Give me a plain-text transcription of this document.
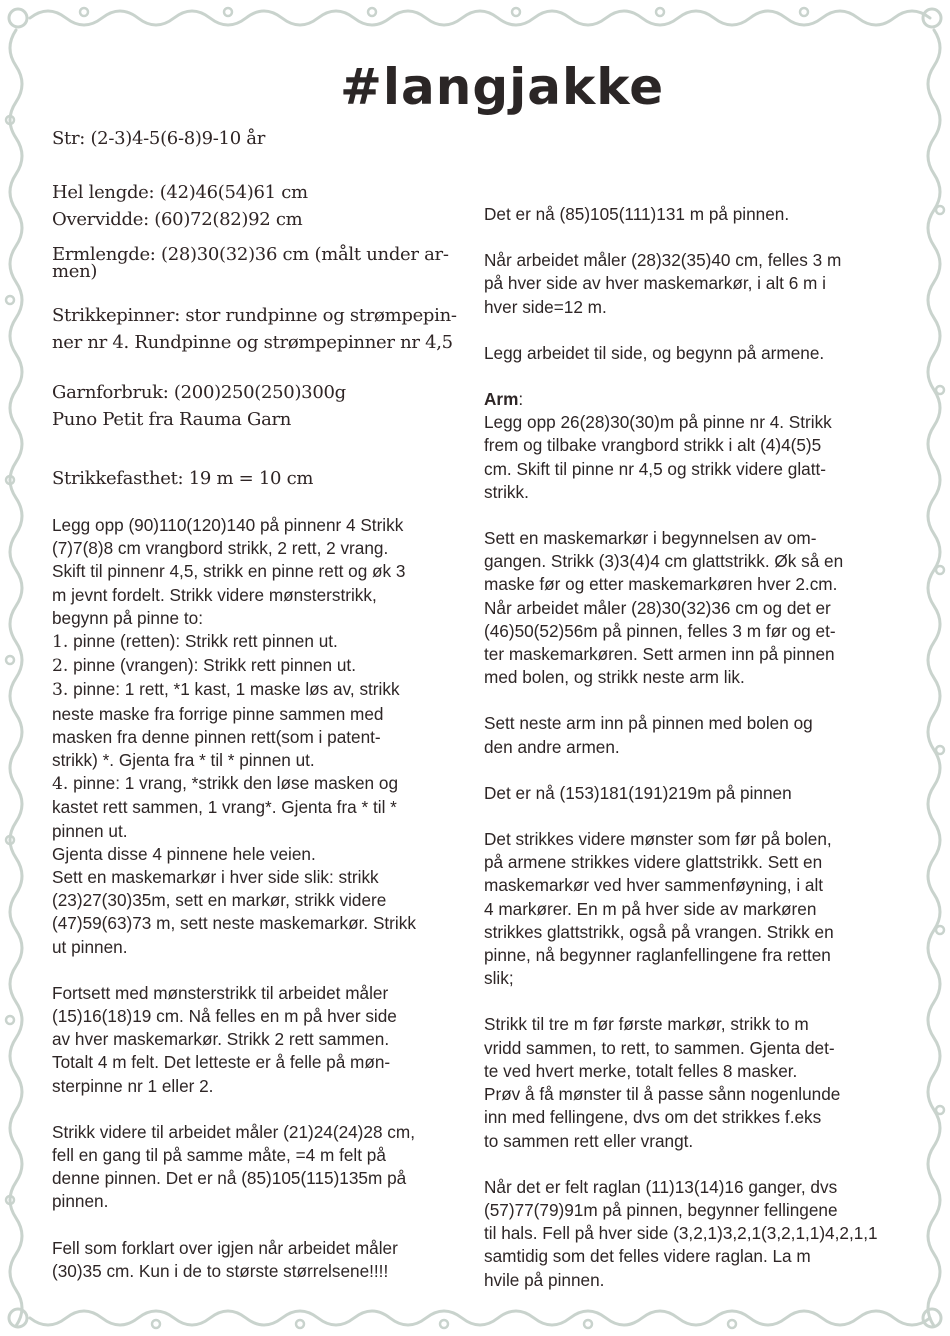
#langjakke

Str: (2-3)4-5(6-8)9-10 år

Hel lengde: (42)46(54)61 cm

Overvidde: (60)72(82)92 cm

Ermlengde: (28)30(32)36 cm (målt under ar-

men)

Strikkepinner: stor rundpinne og strømpepin-

ner nr 4. Rundpinne og strømpepinner nr 4,5

Garnforbruk: (200)250(250)300g

Puno Petit fra Rauma Garn

Strikkefasthet: 19 m = 10 cm

Legg opp (90)110(120)140 på pinnenr 4 Strikk

(7)7(8)8 cm vrangbord strikk, 2 rett, 2 vrang.

Skift til pinnenr 4,5, strikk en pinne rett og øk 3

m jevnt fordelt. Strikk videre mønsterstrikk,

begynn på pinne to:

1. pinne (retten): Strikk rett pinnen ut.

2. pinne (vrangen): Strikk rett pinnen ut.

3. pinne: 1 rett, *1 kast, 1 maske løs av, strikk

neste maske fra forrige pinne sammen med

masken fra denne pinnen rett(som i patent-

strikk) *. Gjenta fra * til * pinnen ut.

4. pinne: 1 vrang, *strikk den løse masken og

kastet rett sammen, 1 vrang*. Gjenta fra * til *

pinnen ut.

Gjenta disse 4 pinnene hele veien.

Sett en maskemarkør i hver side slik: strikk

(23)27(30)35m, sett en markør, strikk videre

(47)59(63)73 m, sett neste maskemarkør. Strikk

ut pinnen.

Fortsett med mønsterstrikk til arbeidet måler

(15)16(18)19 cm. Nå felles en m på hver side

av hver maskemarkør. Strikk 2 rett sammen.

Totalt 4 m felt. Det letteste er å felle på møn-

sterpinne nr 1 eller 2.

Strikk videre til arbeidet måler (21)24(24)28 cm,

fell en gang til på samme måte, =4 m felt på

denne pinnen. Det er nå (85)105(115)135m på

pinnen.

Fell som forklart over igjen når arbeidet måler

(30)35 cm. Kun i de to største størrelsene!!!!

Det er nå (85)105(111)131 m på pinnen.

Når arbeidet måler (28)32(35)40 cm, felles 3 m

på hver side av hver maskemarkør, i alt 6 m i

hver side=12 m.

Legg arbeidet til side, og begynn på armene.

Arm:

Legg opp 26(28)30(30)m på pinne nr 4. Strikk

frem og tilbake vrangbord strikk i alt (4)4(5)5

cm. Skift til pinne nr 4,5 og strikk videre glatt-

strikk.

Sett en maskemarkør i begynnelsen av om-

gangen. Strikk (3)3(4)4 cm glattstrikk. Øk så en

maske før og etter maskemarkøren hver 2.cm.

Når arbeidet måler (28)30(32)36 cm og det er

(46)50(52)56m på pinnen, felles 3 m før og et-

ter maskemarkøren. Sett armen inn på pinnen

med bolen, og strikk neste arm lik.

Sett neste arm inn på pinnen med bolen og

den andre armen.

Det er nå (153)181(191)219m på pinnen

Det strikkes videre mønster som før på bolen,

på armene strikkes videre glattstrikk. Sett en

maskemarkør ved hver sammenføyning, i alt

4 markører. En m på hver side av markøren

strikkes glattstrikk, også på vrangen. Strikk en

pinne, nå begynner raglanfellingene fra retten

slik;

Strikk til tre m før første markør, strikk to m

vridd sammen, to rett, to sammen. Gjenta det-

te ved hvert merke, totalt felles 8 masker.

Prøv å få mønster til å passe sånn nogenlunde

inn med fellingene, dvs om det strikkes f.eks

to sammen rett eller vrangt.

Når det er felt raglan (11)13(14)16 ganger, dvs

(57)77(79)91m på pinnen, begynner fellingene

til hals. Fell på hver side (3,2,1)3,2,1(3,2,1,1)4,2,1,1

samtidig som det felles videre raglan. La m

hvile på pinnen.
